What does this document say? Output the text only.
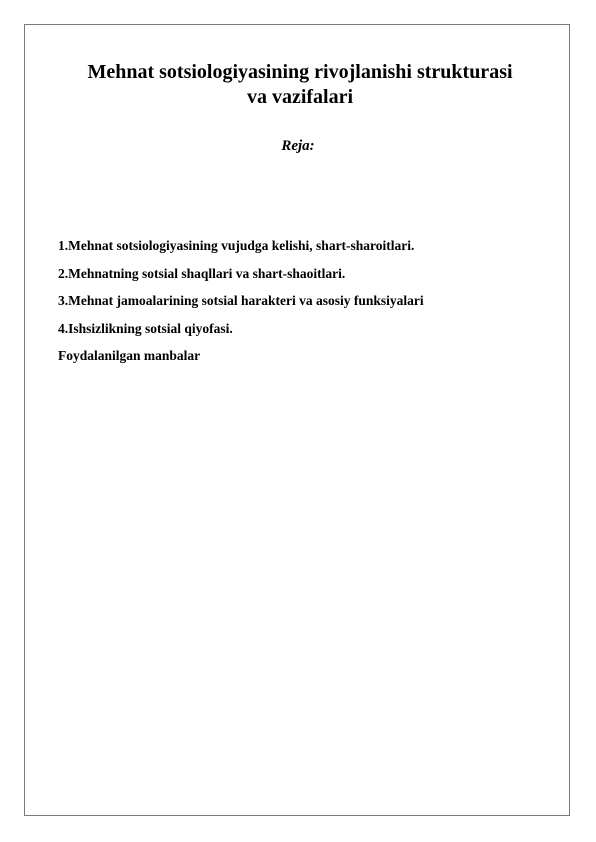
Mehnat sotsiologiyasining rivojlanishi strukturasi
va vazifalari

Reja:

1.Mehnat sotsiologiyasining vujudga kelishi, shart-sharoitlari.
2.Mehnatning sotsial shaqllari va shart-shaoitlari.
3.Mehnat jamoalarining sotsial harakteri va asosiy funksiyalari
4.Ishsizlikning sotsial qiyofasi.
Foydalanilgan manbalar
